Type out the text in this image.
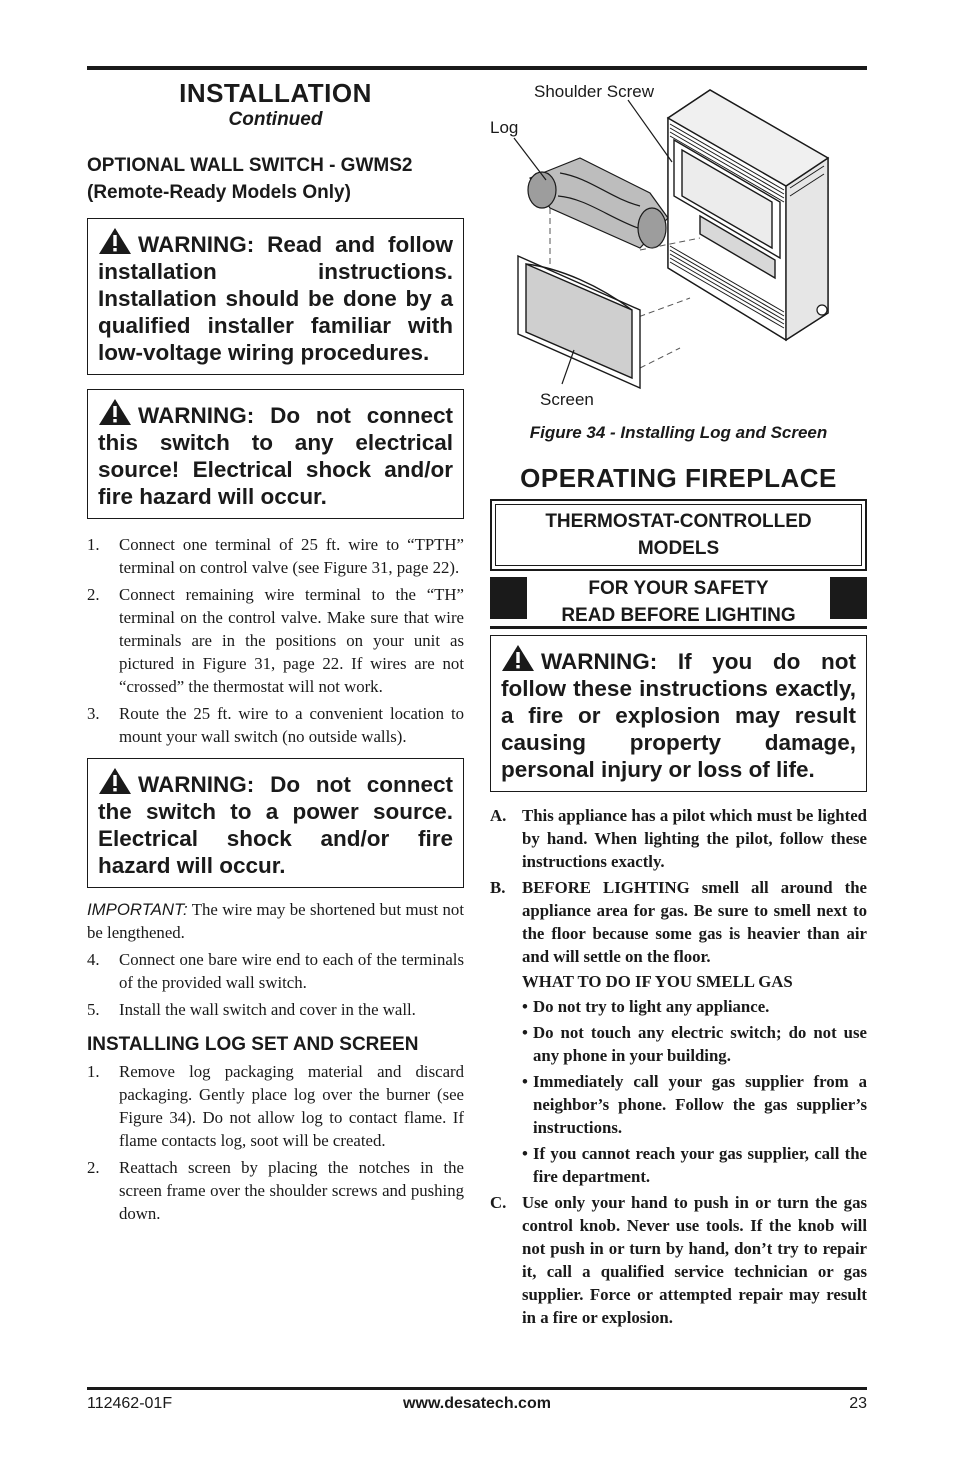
INSTALLATION
Continued
OPTIONAL WALL SWITCH - GWMS2
(Remote-Ready Models Only)
WARNING: Read and follow installation instructions. Installation should be done by a qualified installer familiar with low-voltage wiring procedures.
WARNING: Do not connect this switch to any electrical source! Electrical shock and/or fire hazard will occur.
1. Connect one terminal of 25 ft. wire to “TPTH” terminal on control valve (see Figure 31, page 22).
2. Connect remaining wire terminal to the “TH” terminal on the control valve. Make sure that wire terminals are in the positions on your unit as pictured in Figure 31, page 22. If wires are not “crossed” the thermostat will not work.
3. Route the 25 ft. wire to a convenient location to mount your wall switch (no outside walls).
WARNING: Do not connect the switch to a power source. Electrical shock and/or fire hazard will occur.
IMPORTANT: The wire may be shortened but must not be lengthened.
4. Connect one bare wire end to each of the terminals of the provided wall switch.
5. Install the wall switch and cover in the wall.
INSTALLING LOG SET AND SCREEN
1. Remove log packaging material and discard packaging. Gently place log over the burner (see Figure 34). Do not allow log to contact flame. If flame contacts log, soot will be created.
2. Reattach screen by placing the notches in the screen frame over the shoulder screws and pushing down.
Shoulder Screw
Log
Screen
Figure 34 - Installing Log and Screen
OPERATING FIREPLACE
THERMOSTAT-CONTROLLED
MODELS
FOR YOUR SAFETY
READ BEFORE LIGHTING
WARNING: If you do not follow these instructions exactly, a fire or explosion may result causing property damage, personal injury or loss of life.
A. This appliance has a pilot which must be lighted by hand. When lighting the pilot, follow these instructions exactly.
B. BEFORE LIGHTING smell all around the appliance area for gas. Be sure to smell next to the floor because some gas is heavier than air and will settle on the floor.
WHAT TO DO IF YOU SMELL GAS
• Do not try to light any appliance.
• Do not touch any electric switch; do not use any phone in your building.
• Immediately call your gas supplier from a neighbor’s phone. Follow the gas supplier’s instructions.
• If you cannot reach your gas supplier, call the fire department.
C. Use only your hand to push in or turn the gas control knob. Never use tools. If the knob will not push in or turn by hand, don’t try to repair it, call a qualified service technician or gas supplier. Force or attempted repair may result in a fire or explosion.
112462-01F	www.desatech.com	23
